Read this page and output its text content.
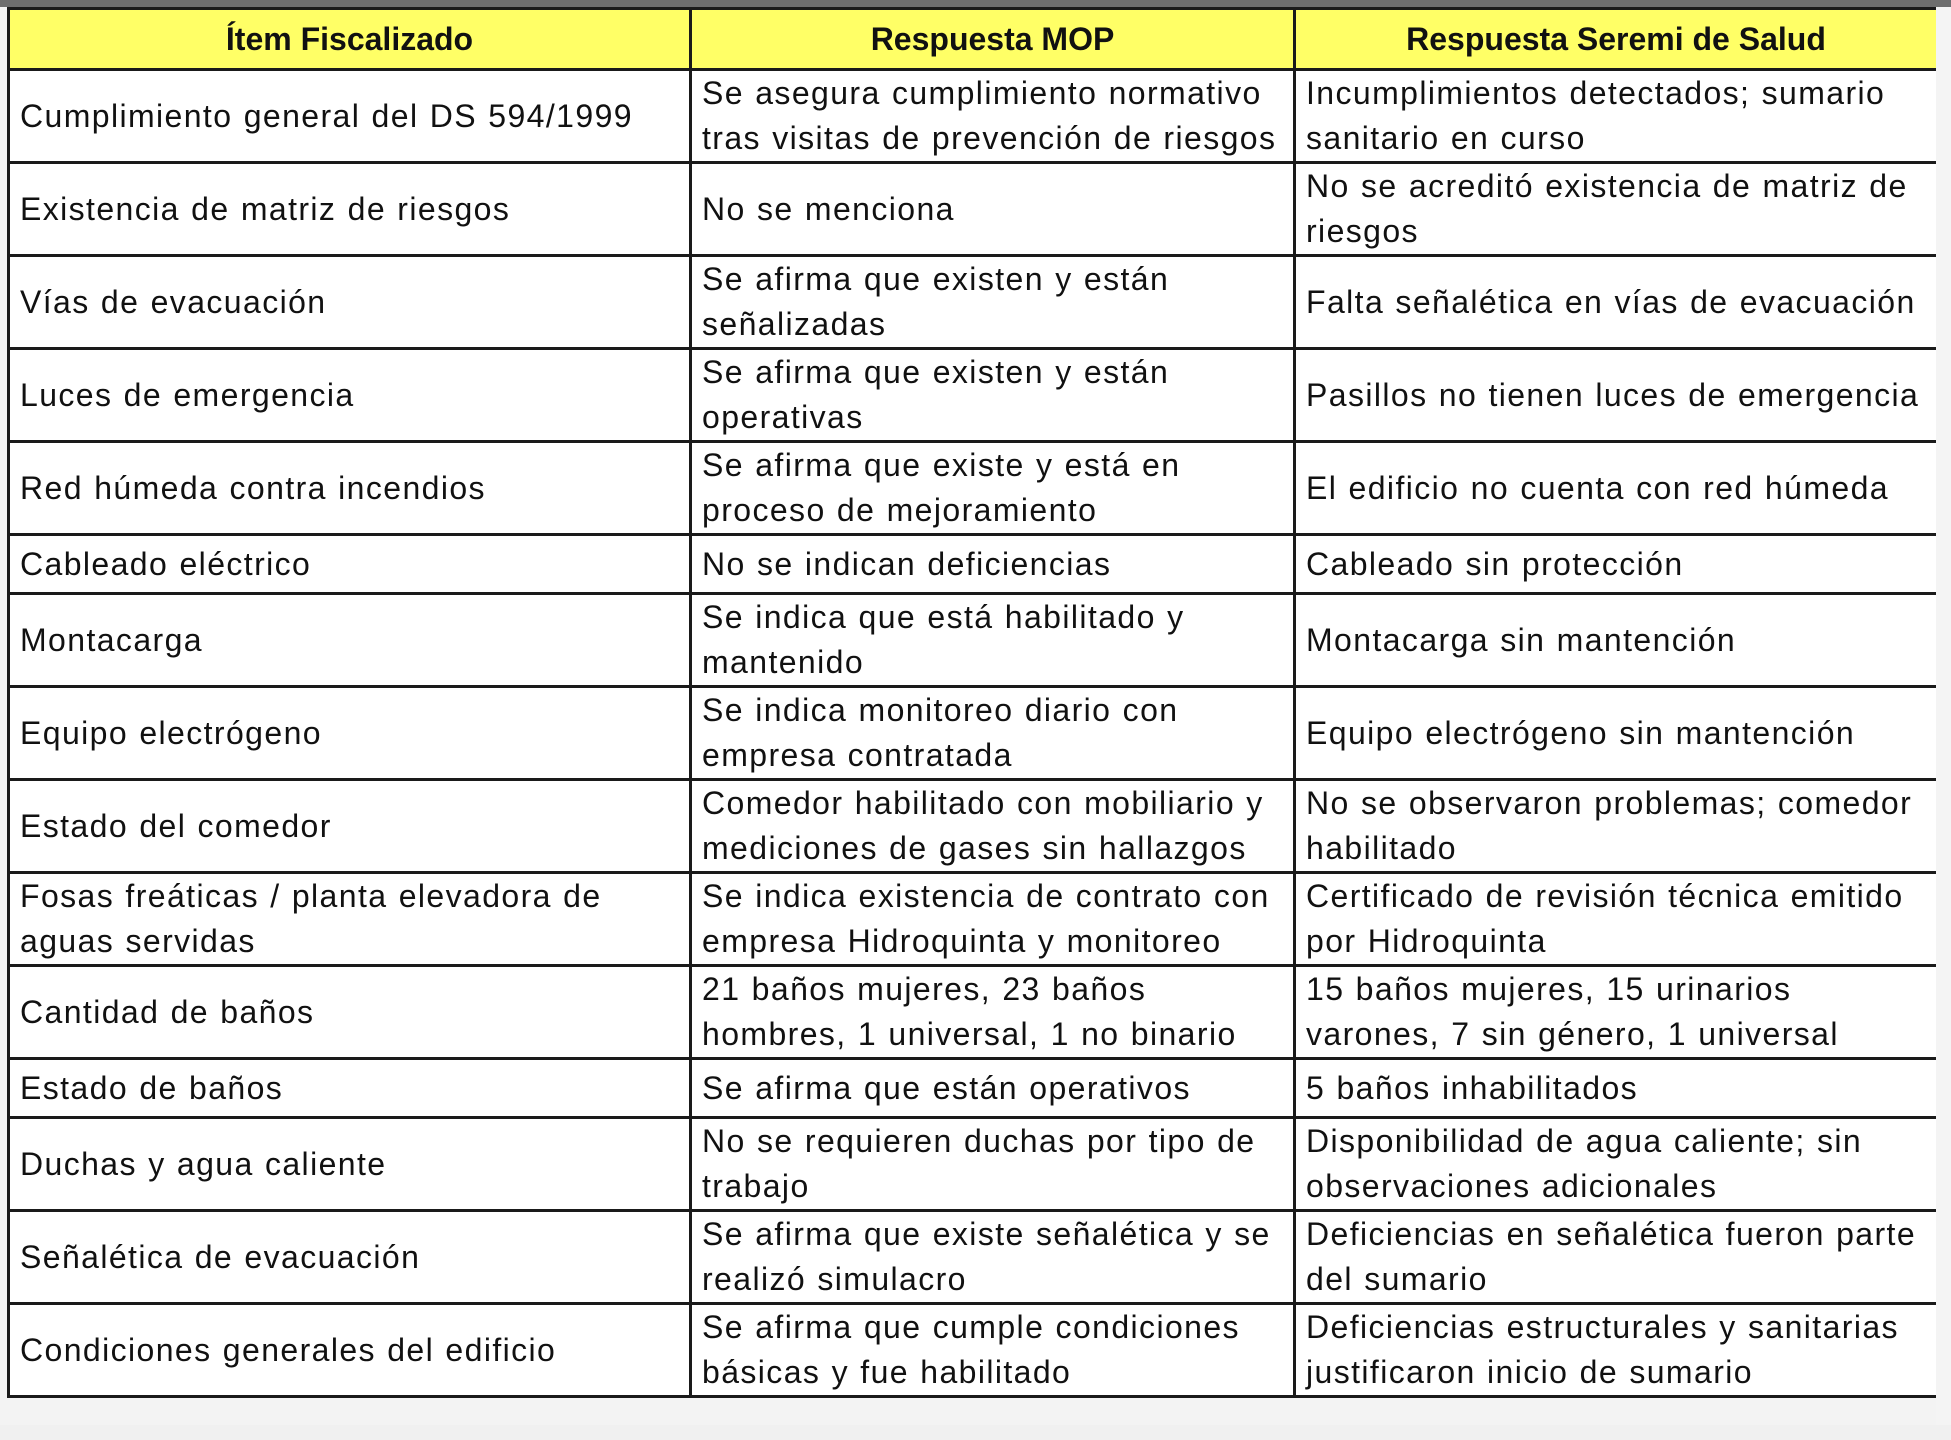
Ítem Fiscalizado	Respuesta MOP	Respuesta Seremi de Salud
Cumplimiento general del DS 594/1999	Se asegura cumplimiento normativo tras visitas de prevención de riesgos	Incumplimientos detectados; sumario sanitario en curso
Existencia de matriz de riesgos	No se menciona	No se acreditó existencia de matriz de riesgos
Vías de evacuación	Se afirma que existen y están señalizadas	Falta señalética en vías de evacuación
Luces de emergencia	Se afirma que existen y están operativas	Pasillos no tienen luces de emergencia
Red húmeda contra incendios	Se afirma que existe y está en proceso de mejoramiento	El edificio no cuenta con red húmeda
Cableado eléctrico	No se indican deficiencias	Cableado sin protección
Montacarga	Se indica que está habilitado y mantenido	Montacarga sin mantención
Equipo electrógeno	Se indica monitoreo diario con empresa contratada	Equipo electrógeno sin mantención
Estado del comedor	Comedor habilitado con mobiliario y mediciones de gases sin hallazgos	No se observaron problemas; comedor habilitado
Fosas freáticas / planta elevadora de aguas servidas	Se indica existencia de contrato con empresa Hidroquinta y monitoreo	Certificado de revisión técnica emitido por Hidroquinta
Cantidad de baños	21 baños mujeres, 23 baños hombres, 1 universal, 1 no binario	15 baños mujeres, 15 urinarios varones, 7 sin género, 1 universal
Estado de baños	Se afirma que están operativos	5 baños inhabilitados
Duchas y agua caliente	No se requieren duchas por tipo de trabajo	Disponibilidad de agua caliente; sin observaciones adicionales
Señalética de evacuación	Se afirma que existe señalética y se realizó simulacro	Deficiencias en señalética fueron parte del sumario
Condiciones generales del edificio	Se afirma que cumple condiciones básicas y fue habilitado	Deficiencias estructurales y sanitarias justificaron inicio de sumario
